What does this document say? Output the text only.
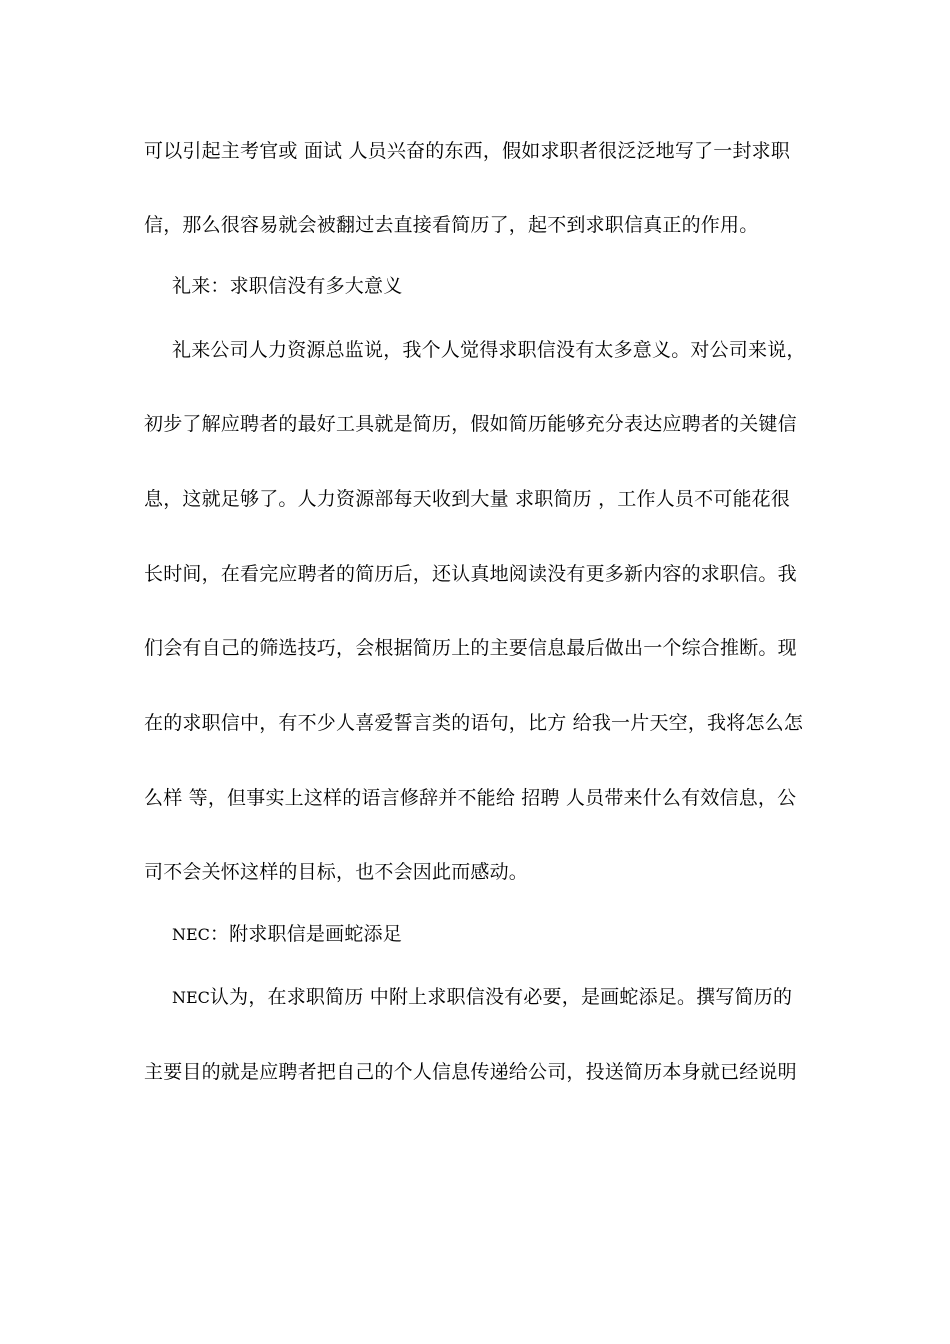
可以引起主考官或 面试 人员兴奋的东西，假如求职者很泛泛地写了一封求职
信，那么很容易就会被翻过去直接看简历了，起不到求职信真正的作用。
礼来：求职信没有多大意义
礼来公司人力资源总监说，我个人觉得求职信没有太多意义。对公司来说，
初步了解应聘者的最好工具就是简历，假如简历能够充分表达应聘者的关键信
息，这就足够了。人力资源部每天收到大量 求职简历 ，工作人员不可能花很
长时间，在看完应聘者的简历后，还认真地阅读没有更多新内容的求职信。我
们会有自己的筛选技巧，会根据简历上的主要信息最后做出一个综合推断。现
在的求职信中，有不少人喜爱誓言类的语句，比方 给我一片天空，我将怎么怎
么样 等，但事实上这样的语言修辞并不能给 招聘 人员带来什么有效信息，公
司不会关怀这样的目标，也不会因此而感动。
NEC：附求职信是画蛇添足
NEC认为，在求职简历 中附上求职信没有必要，是画蛇添足。撰写简历的
主要目的就是应聘者把自己的个人信息传递给公司，投送简历本身就已经说明
